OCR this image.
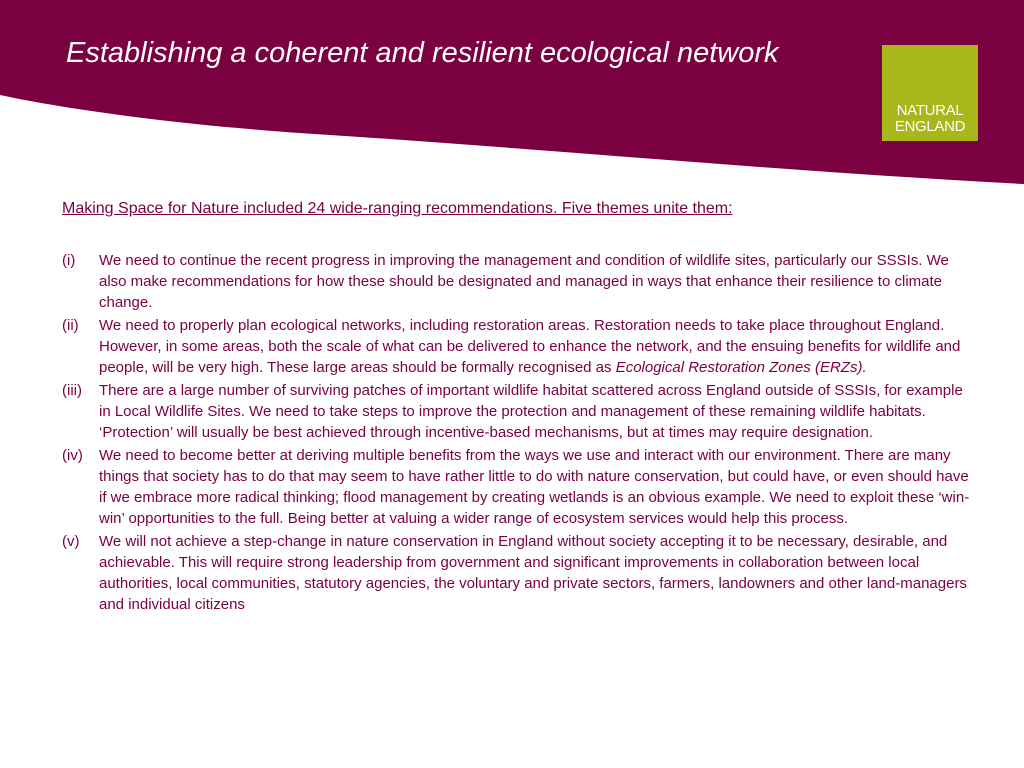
Establishing a coherent and resilient ecological network
NATURAL
ENGLAND

Making Space for Nature included 24 wide-ranging recommendations. Five themes unite them:

(i) We need to continue the recent progress in improving the management and condition of wildlife sites, particularly our SSSIs. We also make recommendations for how these should be designated and managed in ways that enhance their resilience to climate change.
(ii) We need to properly plan ecological networks, including restoration areas. Restoration needs to take place throughout England. However, in some areas, both the scale of what can be delivered to enhance the network, and the ensuing benefits for wildlife and people, will be very high. These large areas should be formally recognised as Ecological Restoration Zones (ERZs).
(iii) There are a large number of surviving patches of important wildlife habitat scattered across England outside of SSSIs, for example in Local Wildlife Sites. We need to take steps to improve the protection and management of these remaining wildlife habitats. ‘Protection’ will usually be best achieved through incentive-based mechanisms, but at times may require designation.
(iv) We need to become better at deriving multiple benefits from the ways we use and interact with our environment. There are many things that society has to do that may seem to have rather little to do with nature conservation, but could have, or even should have if we embrace more radical thinking; flood management by creating wetlands is an obvious example. We need to exploit these ‘win-win’ opportunities to the full. Being better at valuing a wider range of ecosystem services would help this process.
(v) We will not achieve a step-change in nature conservation in England without society accepting it to be necessary, desirable, and achievable. This will require strong leadership from government and significant improvements in collaboration between local authorities, local communities, statutory agencies, the voluntary and private sectors, farmers, landowners and other land-managers and individual citizens
